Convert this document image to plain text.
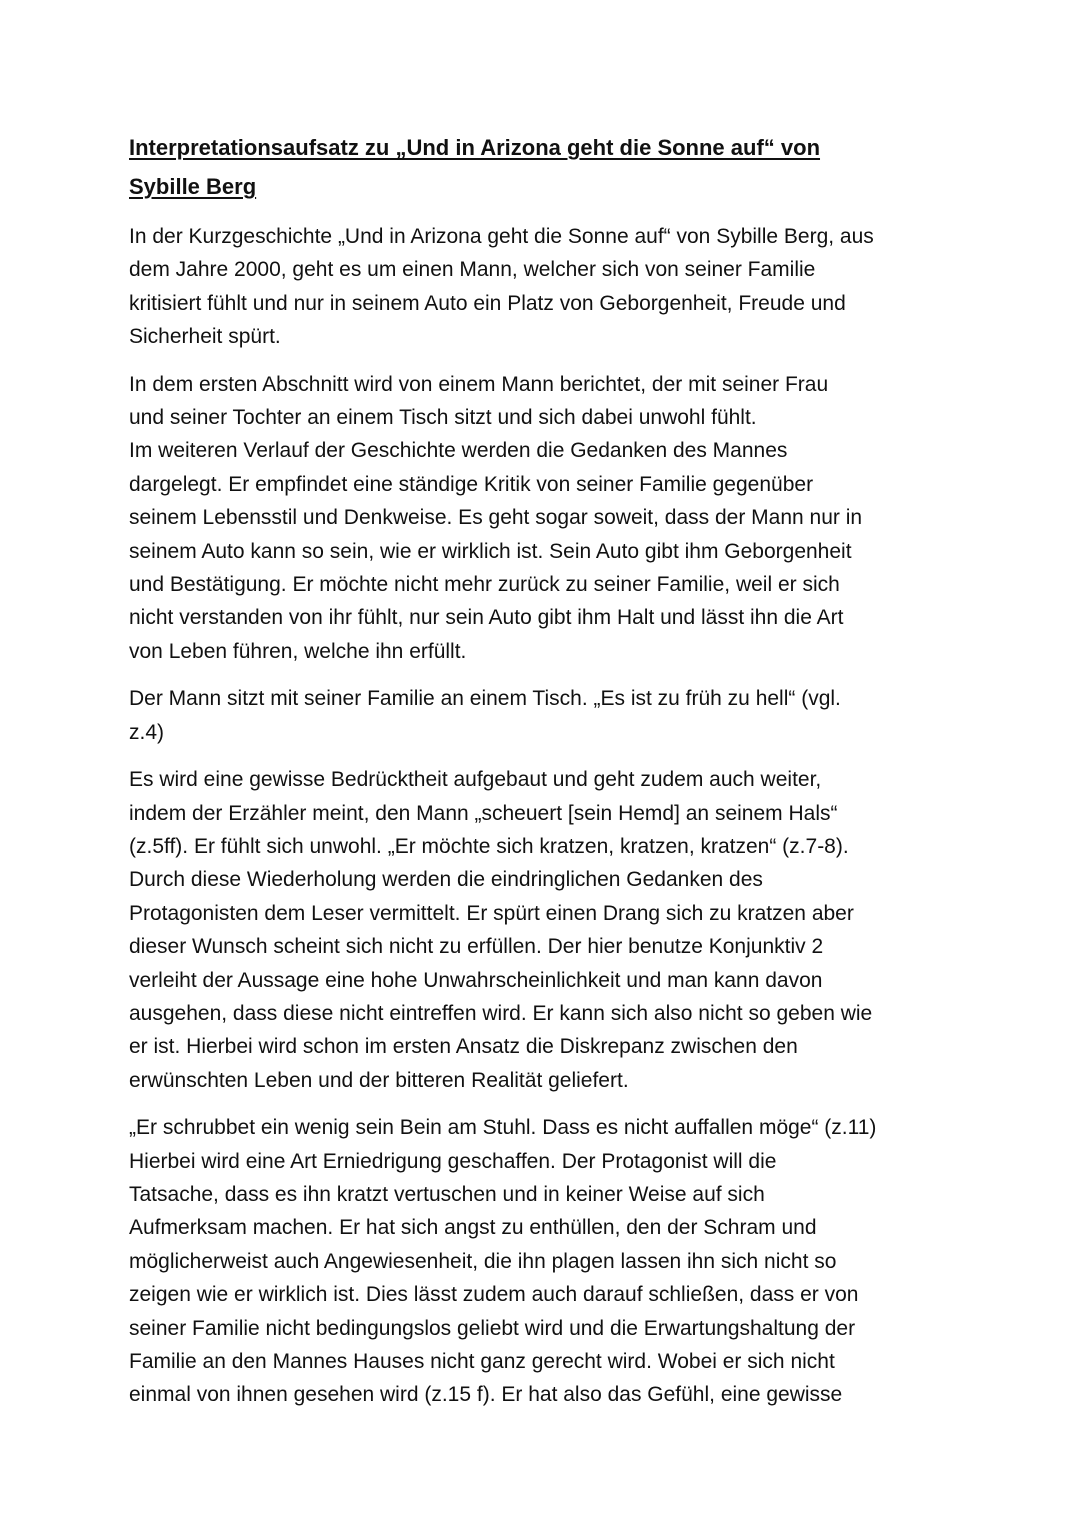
Interpretationsaufsatz zu „Und in Arizona geht die Sonne auf“ von
Sybille Berg
In der Kurzgeschichte „Und in Arizona geht die Sonne auf“ von Sybille Berg, aus
dem Jahre 2000, geht es um einen Mann, welcher sich von seiner Familie
kritisiert fühlt und nur in seinem Auto ein Platz von Geborgenheit, Freude und
Sicherheit spürt.
In dem ersten Abschnitt wird von einem Mann berichtet, der mit seiner Frau
und seiner Tochter an einem Tisch sitzt und sich dabei unwohl fühlt.
Im weiteren Verlauf der Geschichte werden die Gedanken des Mannes
dargelegt. Er empfindet eine ständige Kritik von seiner Familie gegenüber
seinem Lebensstil und Denkweise. Es geht sogar soweit, dass der Mann nur in
seinem Auto kann so sein, wie er wirklich ist. Sein Auto gibt ihm Geborgenheit
und Bestätigung. Er möchte nicht mehr zurück zu seiner Familie, weil er sich
nicht verstanden von ihr fühlt, nur sein Auto gibt ihm Halt und lässt ihn die Art
von Leben führen, welche ihn erfüllt.
Der Mann sitzt mit seiner Familie an einem Tisch. „Es ist zu früh zu hell“ (vgl.
z.4)
Es wird eine gewisse Bedrücktheit aufgebaut und geht zudem auch weiter,
indem der Erzähler meint, den Mann „scheuert [sein Hemd] an seinem Hals“
(z.5ff). Er fühlt sich unwohl. „Er möchte sich kratzen, kratzen, kratzen“ (z.7-8).
Durch diese Wiederholung werden die eindringlichen Gedanken des
Protagonisten dem Leser vermittelt. Er spürt einen Drang sich zu kratzen aber
dieser Wunsch scheint sich nicht zu erfüllen. Der hier benutze Konjunktiv 2
verleiht der Aussage eine hohe Unwahrscheinlichkeit und man kann davon
ausgehen, dass diese nicht eintreffen wird. Er kann sich also nicht so geben wie
er ist. Hierbei wird schon im ersten Ansatz die Diskrepanz zwischen den
erwünschten Leben und der bitteren Realität geliefert.
„Er schrubbet ein wenig sein Bein am Stuhl. Dass es nicht auffallen möge“ (z.11)
Hierbei wird eine Art Erniedrigung geschaffen. Der Protagonist will die
Tatsache, dass es ihn kratzt vertuschen und in keiner Weise auf sich
Aufmerksam machen. Er hat sich angst zu enthüllen, den der Schram und
möglicherweist auch Angewiesenheit, die ihn plagen lassen ihn sich nicht so
zeigen wie er wirklich ist. Dies lässt zudem auch darauf schließen, dass er von
seiner Familie nicht bedingungslos geliebt wird und die Erwartungshaltung der
Familie an den Mannes Hauses nicht ganz gerecht wird. Wobei er sich nicht
einmal von ihnen gesehen wird (z.15 f). Er hat also das Gefühl, eine gewisse
